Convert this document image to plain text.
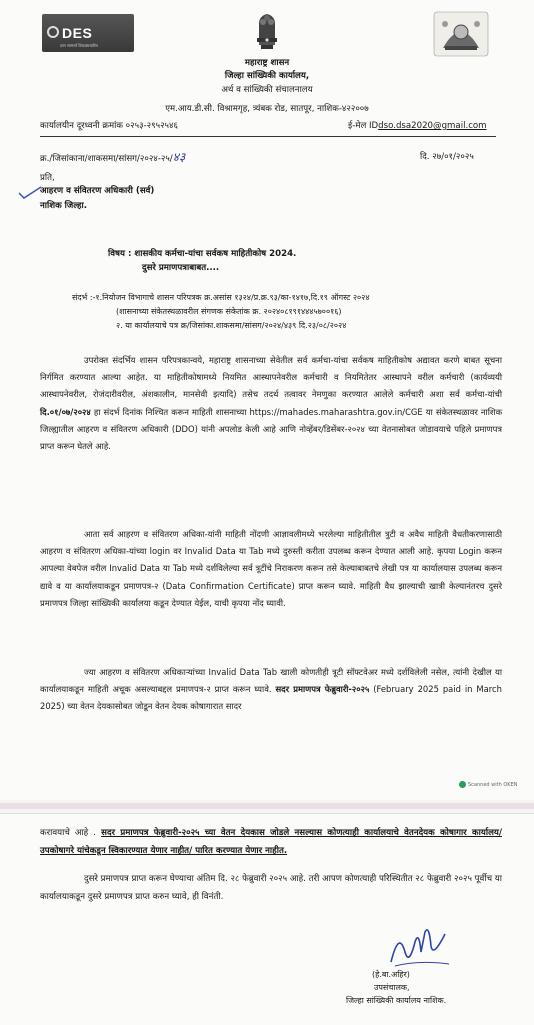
DES
ज्ञान सामर्थ्य विकासाधारित
महाराष्ट्र शासन
जिल्हा सांख्यिकी कार्यालय,
अर्थ व सांख्यिकी संचालनालय
एम.आय.डी.सी. विश्रामगृह, त्र्यंबक रोड, सातपूर, नाशिक-४२२००७
कार्यालयीन दूरध्वनी क्रमांक ०२५३-२९५२५४६	ई-मेल IDdso.dsa2020@gmail.com
क्र./जिसांकाना/शाकसमा/सांसग/२०२४-२५/४३	दि. २७/०१/२०२५
प्रति,
आहरण व संवितरण अधिकारी (सर्व)
नाशिक जिल्हा.
विषय : शासकीय कर्मचा-यांचा सर्वकष माहितीकोष 2024.
दुसरे प्रमाणपत्राबाबत....
संदर्भ :-१.नियोजन विभागाचे शासन परिपत्रक क्र.असांस १३२४/प्र.क्र.९३/का-१४१७,दि.१९ ऑगस्ट २०२४
(शासनाच्या संकेतस्थळावरील संगणक संकेतांक क्र. २०२४०८१९१४४४५७००१६)
२. या कार्यालयाचे पत्र क्र/जिसांका.शाकसमा/सांसग/२०२४/४३९ दि.२३/०८/२०२४

उपरोक्त संदर्भिय शासन परिपत्रकान्वये, महाराष्ट्र शासनाच्या सेवेतील सर्व कर्मचा-यांचा सर्वकष माहितीकोष अद्यावत करणे बाबत सूचना निर्गमित करण्यात आल्या आहेत. या माहितीकोषामध्ये नियमित आस्थापनेवरील कर्मचारी व नियमितेतर आस्थापने वरील कर्मचारी (कार्यव्ययी आस्थापनेवरील, रोजंदारीवरील, अंशकालीन, मानसेवी इत्यादि) तसेच तदर्थ तत्वावर नेमणुका करण्यात आलेले कर्मचारी अशा सर्व कर्मचा-यांची दि.०१/०७/२०२४ हा संदर्भ दिनांक निश्चित करून माहिती शासनाच्या https://mahades.maharashtra.gov.in/CGE या संकेतस्थळावर नाशिक जिल्ह्यातील आहरण व संवितरण अधिकारी (DDO) यांनी अपलोड केली आहे आणि नोव्हेंबर/डिसेंबर-२०२४ च्या वेतनासोबत जोडावयाचे पहिले प्रमाणपत्र प्राप्त करून घेतले आहे.

आता सर्व आहरण व संवितरण अधिका-यांनी माहिती नोंदणी आज्ञावलीमध्ये भरलेल्या माहितीतील त्रुटी व अवैध माहिती वैधतीकरणासाठी आहरण व संवितरण अधिका-यांच्या login वर Invalid Data या Tab मध्ये दुरुस्ती करीता उपलब्ध करून देण्यात आली आहे. कृपया Login करून आपल्या वेबपेज वरील Invalid Data या Tab मध्ये दर्शविलेल्या सर्व त्रूटींचे निराकरण करून तसे केल्याबाबतचे लेखी पत्र या कार्यालयास उपलब्ध करून द्यावे व या कार्यालयाकडून प्रमाणपत्र-२ (Data Confirmation Certificate) प्राप्त करून घ्यावे. माहिती वैध झाल्याची खात्री केल्यानंतरच दुसरे प्रमाणपत्र जिल्हा सांख्यिकी कार्यालया कडून देण्यात येईल, याची कृपया नोंद घ्यावी.

ज्या आहरण व संवितरण अधिकाऱ्यांच्या Invalid Data Tab खाली कोणतीही त्रूटी सॉफ्टवेअर मध्ये दर्शविलेली नसेल, त्यांनी देखील या कार्यालयाकडून माहिती अचूक असल्याबद्दल प्रमाणपत्र-२ प्राप्त करून घ्यावे. सदर प्रमाणपत्र फेब्रुवारी-२०२५ (February 2025 paid in March 2025) च्या वेतन देयकासोबत जोडून वेतन देयक कोषागारात सादर

Scanned with OKEN

करावयाचे आहे . सदर प्रमाणपत्र फेब्रुवारी-२०२५ च्या वेतन देयकास जोडले नसल्यास कोणत्याही कार्यालयाचे वेतनदेयक कोषागार कार्यालय/ उपकोषागरे यांचेकडून स्विकारण्यात येणार नाहीत/ पारित करण्यात येणार नाहीत.

दुसरे प्रमाणपत्र प्राप्त करून घेण्याचा अंतिम दि. २८ फेब्रुवारी २०२५ आहे. तरी आपण कोणत्याही परिस्थितीत २८ फेब्रुवारी २०२५ पूर्वीच या कार्यालयाकडून दुसरे प्रमाणपत्र प्राप्त करुन घ्यावे, ही विनंती.

(हे.बा.अहिर)
उपसंचालक,
जिल्हा सांख्यिकी कार्यालय नाशिक.
